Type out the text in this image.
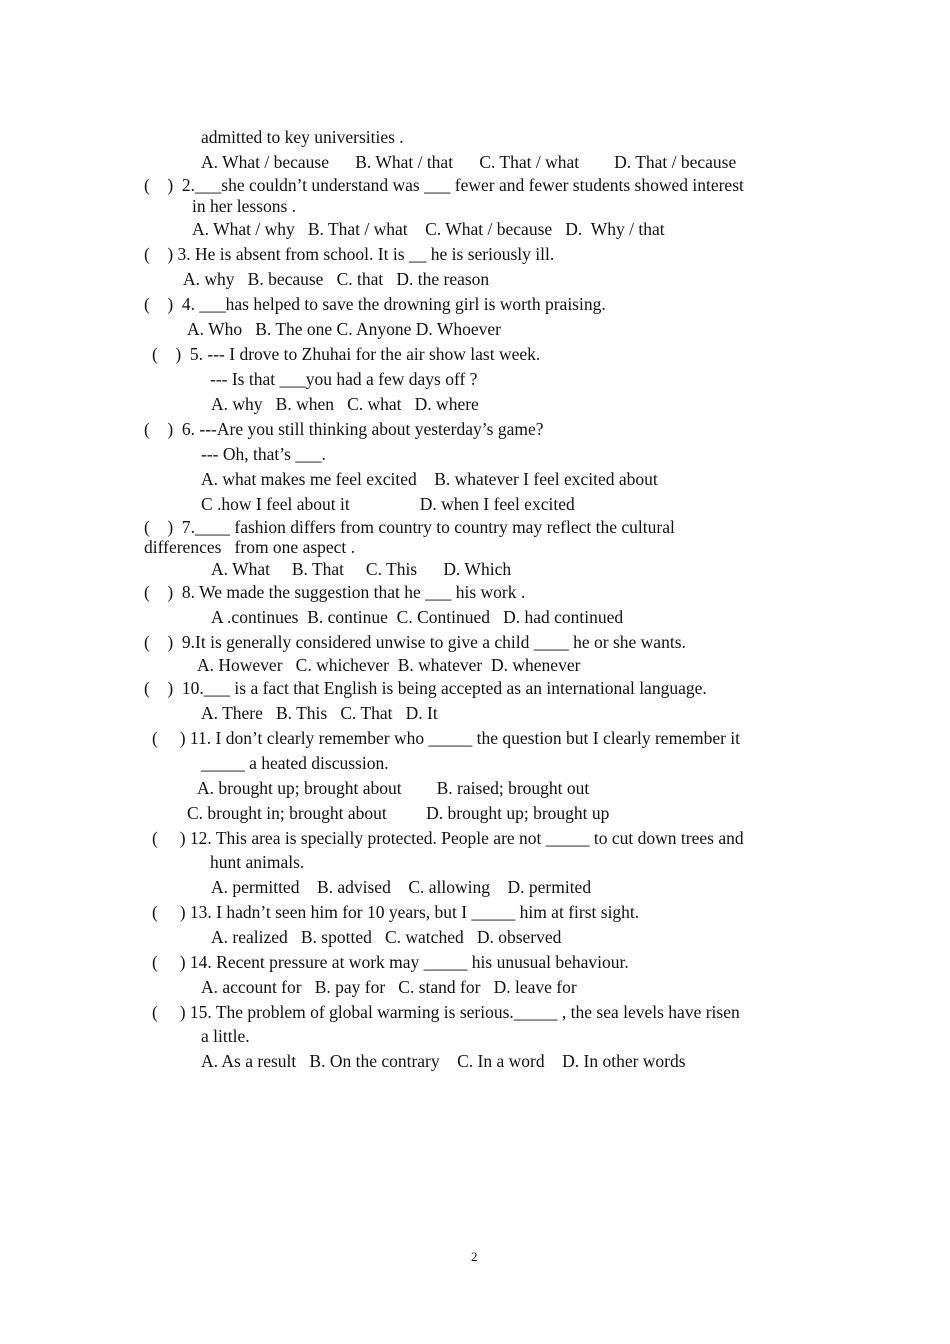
admitted to key universities .
A. What / because      B. What / that      C. That / what        D. That / because
(    )  2.___she couldn’t understand was ___ fewer and fewer students showed interest
in her lessons .
A. What / why   B. That / what    C. What / because   D.  Why / that
(    ) 3. He is absent from school. It is __ he is seriously ill.
A. why   B. because   C. that   D. the reason
(    )  4. ___has helped to save the drowning girl is worth praising.
A. Who   B. The one C. Anyone D. Whoever
(    )  5. --- I drove to Zhuhai for the air show last week.
--- Is that ___you had a few days off ?
A. why   B. when   C. what   D. where
(    )  6. ---Are you still thinking about yesterday’s game?
--- Oh, that’s ___.
A. what makes me feel excited    B. whatever I feel excited about
C .how I feel about it                D. when I feel excited
(    )  7.____ fashion differs from country to country may reflect the cultural
differences   from one aspect .
A. What     B. That     C. This      D. Which
(    )  8. We made the suggestion that he ___ his work .
A .continues  B. continue  C. Continued   D. had continued
(    )  9.It is generally considered unwise to give a child ____ he or she wants.
A. However   C. whichever  B. whatever  D. whenever
(    )  10.___ is a fact that English is being accepted as an international language.
A. There   B. This   C. That   D. It
(     ) 11. I don’t clearly remember who _____ the question but I clearly remember it
_____ a heated discussion.
A. brought up; brought about        B. raised; brought out
C. brought in; brought about         D. brought up; brought up
(     ) 12. This area is specially protected. People are not _____ to cut down trees and
hunt animals.
A. permitted    B. advised    C. allowing    D. permited
(     ) 13. I hadn’t seen him for 10 years, but I _____ him at first sight.
A. realized   B. spotted   C. watched   D. observed
(     ) 14. Recent pressure at work may _____ his unusual behaviour.
A. account for   B. pay for   C. stand for   D. leave for
(     ) 15. The problem of global warming is serious._____ , the sea levels have risen
a little.
A. As a result   B. On the contrary    C. In a word    D. In other words
2
